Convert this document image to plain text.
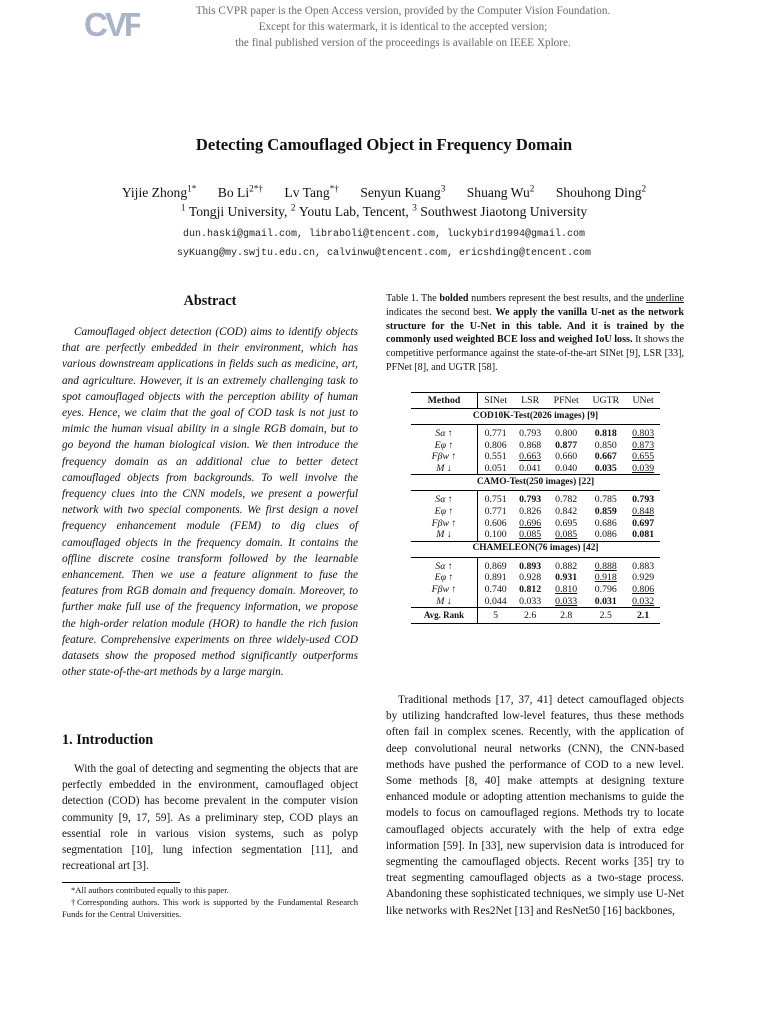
CVF	This CVPR paper is the Open Access version, provided by the Computer Vision Foundation.
Except for this watermark, it is identical to the accepted version;
the final published version of the proceedings is available on IEEE Xplore.
Detecting Camouflaged Object in Frequency Domain
Yijie Zhong$^{1*}$ Bo $Li^{2*\dagger}$ Lv Tang*† Senyun Kuang$^3$ Shuang Wu$^2$ Shouhong Ding$^2$
$^1$ Tongji University, $^2$ Youtu Lab, Tencent, $^3$ Southwest Jiaotong University
dun.haski@gmail.com, libraboli@tencent.com, luckybird1994@gmail.com
syKuang@my.swjtu.edu.cn, calvinwu@tencent.com, ericshding@tencent.com
Abstract

Camouflaged object detection (COD) aims to identify objects that are perfectly embedded in their environment, which has various downstream applications in fields such as medicine, art, and agriculture. However, it is an extremely challenging task to spot camouflaged objects with the perception ability of human eyes. Hence, we claim that the goal of COD task is not just to mimic the human visual ability in a single RGB domain, but to go beyond the human biological vision. We then introduce the frequency domain as an additional clue to better detect camouflaged objects from backgrounds. To well involve the frequency clues into the CNN models, we present a powerful network with two special components. We first design a novel frequency enhancement module (FEM) to dig clues of camouflaged objects in the frequency domain. It contains the offline discrete cosine transform followed by the learnable enhancement. Then we use a feature alignment to fuse the features from RGB domain and frequency domain. Moreover, to further make full use of the frequency information, we propose the high-order relation module (HOR) to handle the rich fusion feature. Comprehensive experiments on three widely-used COD datasets show the proposed method significantly outperforms other state-of-the-art methods by a large margin.

1. Introduction

With the goal of detecting and segmenting the objects that are perfectly embedded in the environment, camouflaged object detection (COD) has become prevalent in the computer vision community [9, 17, 59]. As a preliminary step, COD plays an essential role in various vision systems, such as polyp segmentation [10], lung infection segmentation [11], and recreational art [3].

*All authors contributed equally to this paper.
†Corresponding authors. This work is supported by the Fundamental Research Funds for the Central Universities.

Table 1. The bolded numbers represent the best results, and the underline indicates the second best. We apply the vanilla U-net as the network structure for the U-Net in this table. And it is trained by the commonly used weighted BCE loss and weighed IoU loss. It shows the competitive performance against the state-of-the-art SINet [9], LSR [33], PFNet [8], and UGTR [58].

Method	SINet	LSR	PFNet	UGTR	UNet
COD10K-Test(2026 images) [9]					
Sα ↑	0.771	0.793	0.800	0.818	0.803
Eφ ↑	0.806	0.868	0.877	0.850	0.873
Fβw ↑	0.551	0.663	0.660	0.667	0.655
M ↓	0.051	0.041	0.040	0.035	0.039
CAMO-Test(250 images) [22]					
Sα ↑	0.751	0.793	0.782	0.785	0.793
Eφ ↑	0.771	0.826	0.842	0.859	0.848
Fβw ↑	0.606	0.696	0.695	0.686	0.697
M ↓	0.100	0.085	0.085	0.086	0.081
CHAMELEON(76 images) [42]					
Sα ↑	0.869	0.893	0.882	0.888	0.883
Eφ ↑	0.891	0.928	0.931	0.918	0.929
Fβw ↑	0.740	0.812	0.810	0.796	0.806
M ↓	0.044	0.033	0.033	0.031	0.032
Avg. Rank	5	2.6	2.8	2.5	2.1

Traditional methods [17, 37, 41] detect camouflaged objects by utilizing handcrafted low-level features, thus these methods often fail in complex scenes. Recently, with the application of deep convolutional neural networks (CNN), the CNN-based methods have pushed the performance of COD to a new level. Some methods [8, 40] make attempts at designing texture enhanced module or adopting attention mechanisms to guide the models to focus on camouflaged regions. Methods try to locate camouflaged objects accurately with the help of extra edge information [59]. In [33], new supervision data is introduced for segmenting the camouflaged objects. Recent works [35] try to treat segmenting camouflaged objects as a two-stage process. Abandoning these sophisticated techniques, we simply use U-Net like networks with Res2Net [13] and ResNet50 [16] backbones,
